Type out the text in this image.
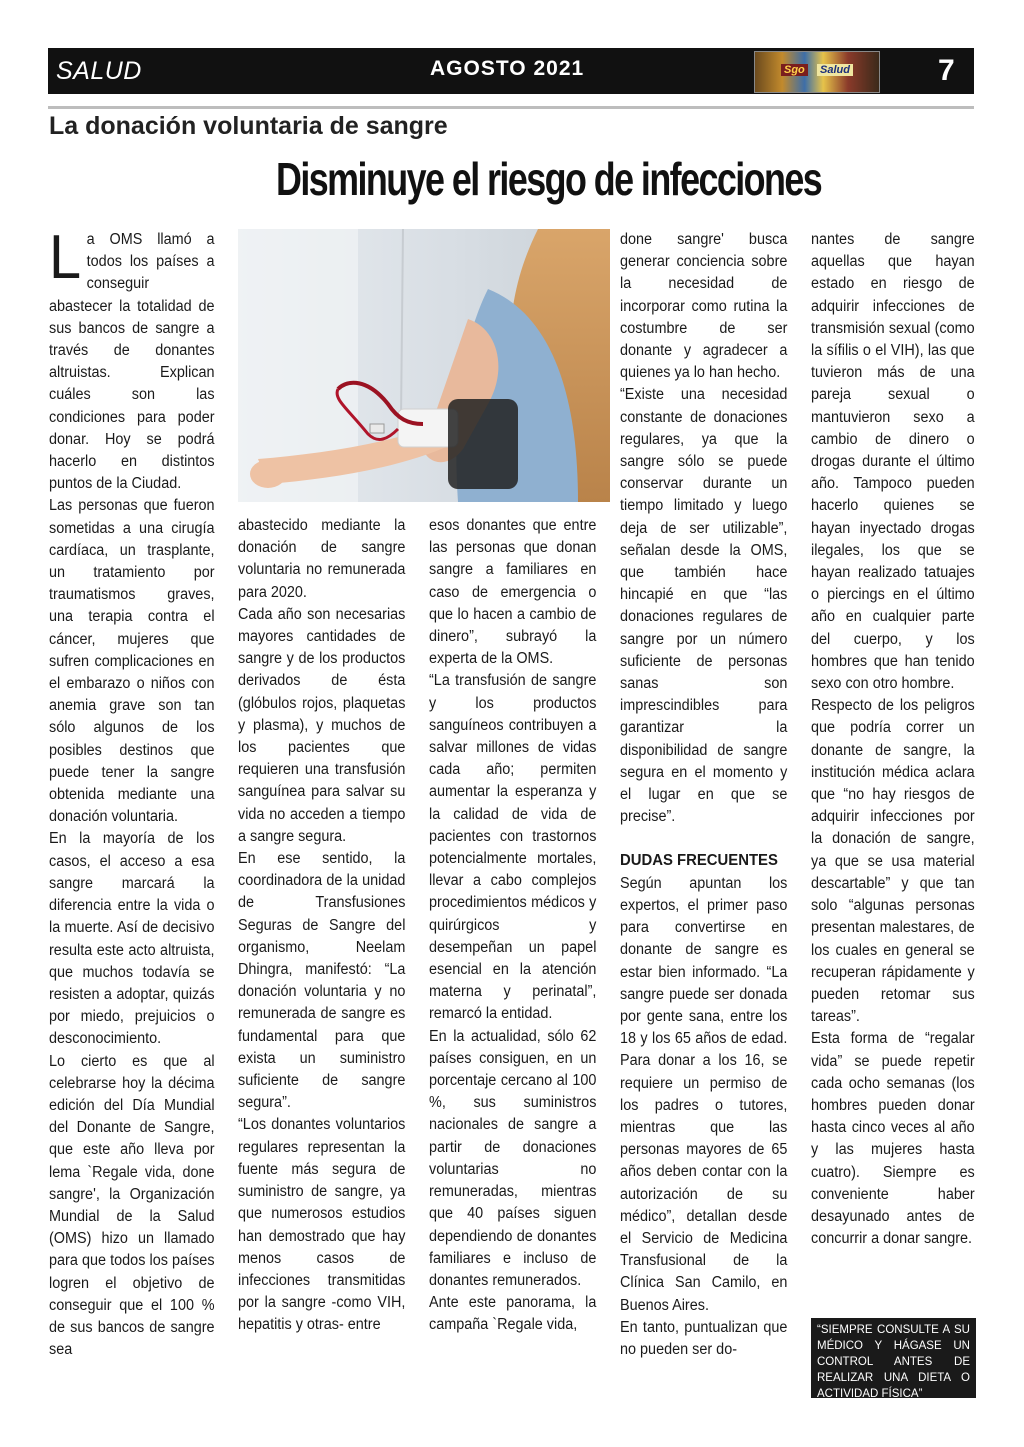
SALUD	AGOSTO 2021	Sgo Salud	7
La donación voluntaria de sangre
Disminuye el riesgo de infecciones

La OMS llamó a todos los países a conseguir abastecer la totalidad de sus bancos de sangre a través de donantes altruistas. Explican cuáles son las condiciones para poder donar. Hoy se podrá hacerlo en distintos puntos de la Ciudad.

Las personas que fueron sometidas a una cirugía cardíaca, un trasplante, un tratamiento por traumatismos graves, una terapia contra el cáncer, mujeres que sufren complicaciones en el embarazo o niños con anemia grave son tan sólo algunos de los posibles destinos que puede tener la sangre obtenida mediante una donación voluntaria.

En la mayoría de los casos, el acceso a esa sangre marcará la diferencia entre la vida o la muerte. Así de decisivo resulta este acto altruista, que muchos todavía se resisten a adoptar, quizás por miedo, prejuicios o desconocimiento.

Lo cierto es que al celebrarse hoy la décima edición del Día Mundial del Donante de Sangre, que este año lleva por lema `Regale vida, done sangre', la Organización Mundial de la Salud (OMS) hizo un llamado para que todos los países logren el objetivo de conseguir que el 100 % de sus bancos de sangre sea

abastecido mediante la donación de sangre voluntaria no remunerada para 2020.

Cada año son necesarias mayores cantidades de sangre y de los productos derivados de ésta (glóbulos rojos, plaquetas y plasma), y muchos de los pacientes que requieren una transfusión sanguínea para salvar su vida no acceden a tiempo a sangre segura.

En ese sentido, la coordinadora de la unidad de Transfusiones Seguras de Sangre del organismo, Neelam Dhingra, manifestó: “La donación voluntaria y no remunerada de sangre es fundamental para que exista un suministro suficiente de sangre segura”.

“Los donantes voluntarios regulares representan la fuente más segura de suministro de sangre, ya que numerosos estudios han demostrado que hay menos casos de infecciones transmitidas por la sangre -como VIH, hepatitis y otras- entre

esos donantes que entre las personas que donan sangre a familiares en caso de emergencia o que lo hacen a cambio de dinero”, subrayó la experta de la OMS.

“La transfusión de sangre y los productos sanguíneos contribuyen a salvar millones de vidas cada año; permiten aumentar la esperanza y la calidad de vida de pacientes con trastornos potencialmente mortales, llevar a cabo complejos procedimientos médicos y quirúrgicos y desempeñan un papel esencial en la atención materna y perinatal”, remarcó la entidad.

En la actualidad, sólo 62 países consiguen, en un porcentaje cercano al 100 %, sus suministros nacionales de sangre a partir de donaciones voluntarias no remuneradas, mientras que 40 países siguen dependiendo de donantes familiares e incluso de donantes remunerados.

Ante este panorama, la campaña `Regale vida,

done sangre' busca generar conciencia sobre la necesidad de incorporar como rutina la costumbre de ser donante y agradecer a quienes ya lo han hecho.

“Existe una necesidad constante de donaciones regulares, ya que la sangre sólo se puede conservar durante un tiempo limitado y luego deja de ser utilizable”, señalan desde la OMS, que también hace hincapié en que “las donaciones regulares de sangre por un número suficiente de personas sanas son imprescindibles para garantizar la disponibilidad de sangre segura en el momento y el lugar en que se precise”.

DUDAS FRECUENTES

Según apuntan los expertos, el primer paso para convertirse en donante de sangre es estar bien informado. “La sangre puede ser donada por gente sana, entre los 18 y los 65 años de edad. Para donar a los 16, se requiere un permiso de los padres o tutores, mientras que las personas mayores de 65 años deben contar con la autorización de su médico”, detallan desde el Servicio de Medicina Transfusional de la Clínica San Camilo, en Buenos Aires.

En tanto, puntualizan que no pueden ser do-

nantes de sangre aquellas que hayan estado en riesgo de adquirir infecciones de transmisión sexual (como la sífilis o el VIH), las que tuvieron más de una pareja sexual o mantuvieron sexo a cambio de dinero o drogas durante el último año. Tampoco pueden hacerlo quienes se hayan inyectado drogas ilegales, los que se hayan realizado tatuajes o piercings en el último año en cualquier parte del cuerpo, y los hombres que han tenido sexo con otro hombre.

Respecto de los peligros que podría correr un donante de sangre, la institución médica aclara que “no hay riesgos de adquirir infecciones por la donación de sangre, ya que se usa material descartable” y que tan solo “algunas personas presentan malestares, de los cuales en general se recuperan rápidamente y pueden retomar sus tareas”.

Esta forma de “regalar vida” se puede repetir cada ocho semanas (los hombres pueden donar hasta cinco veces al año y las mujeres hasta cuatro). Siempre es conveniente haber desayunado antes de concurrir a donar sangre.

“SIEMPRE CONSULTE A SU MÉDICO Y HÁGASE UN CONTROL ANTES DE REALIZAR UNA DIETA O ACTIVIDAD FÍSICA”
